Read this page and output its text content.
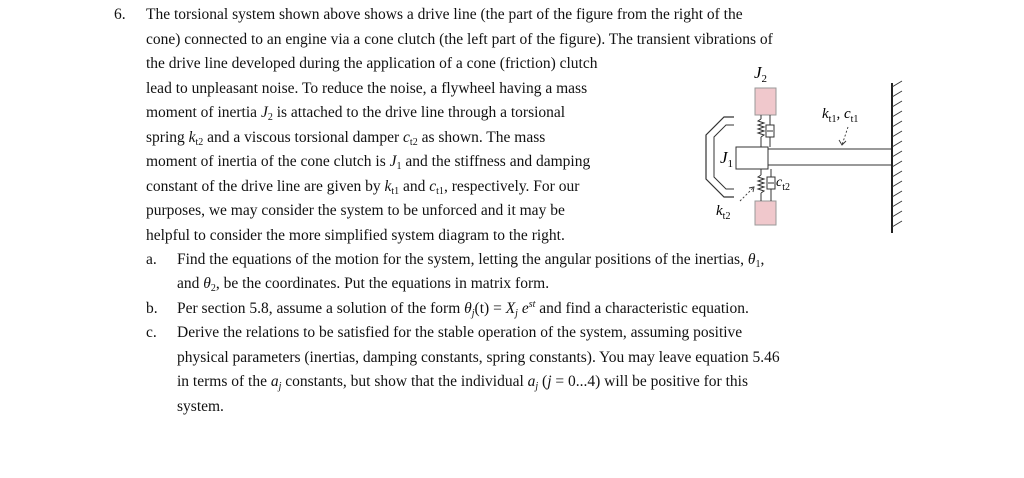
6. The torsional system shown above shows a drive line (the part of the figure from the right of the
cone) connected to an engine via a cone clutch (the left part of the figure). The transient vibrations of
the drive line developed during the application of a cone (friction) clutch
lead to unpleasant noise. To reduce the noise, a flywheel having a mass
moment of inertia $J_2$ is attached to the drive line through a torsional
spring $k_{t2}$ and a viscous torsional damper $c_{t2}$ as shown. The mass
moment of inertia of the cone clutch is $J_1$ and the stiffness and damping
constant of the drive line are given by $k_{t1}$ and $c_{t1}$, respectively. For our
purposes, we may consider the system to be unforced and it may be
helpful to consider the more simplified system diagram to the right.
a. Find the equations of the motion for the system, letting the angular positions of the inertias, $\theta_1$,
and $\theta_2$, be the coordinates. Put the equations in matrix form.
b. Per section 5.8, assume a solution of the form $\theta_j(t) = X_j$ $e^{st}$ and find a characteristic equation.
c. Derive the relations to be satisfied for the stable operation of the system, assuming positive
physical parameters (inertias, damping constants, spring constants). You may leave equation 5.46
in terms of the $a_j$ constants, but show that the individual $a_j$ (j = 0...4) will be positive for this
system.
$J_2$
$J_1$
$k_{t1}$, $c_{t1}$
$c_{t2}$
$k_{t2}$
